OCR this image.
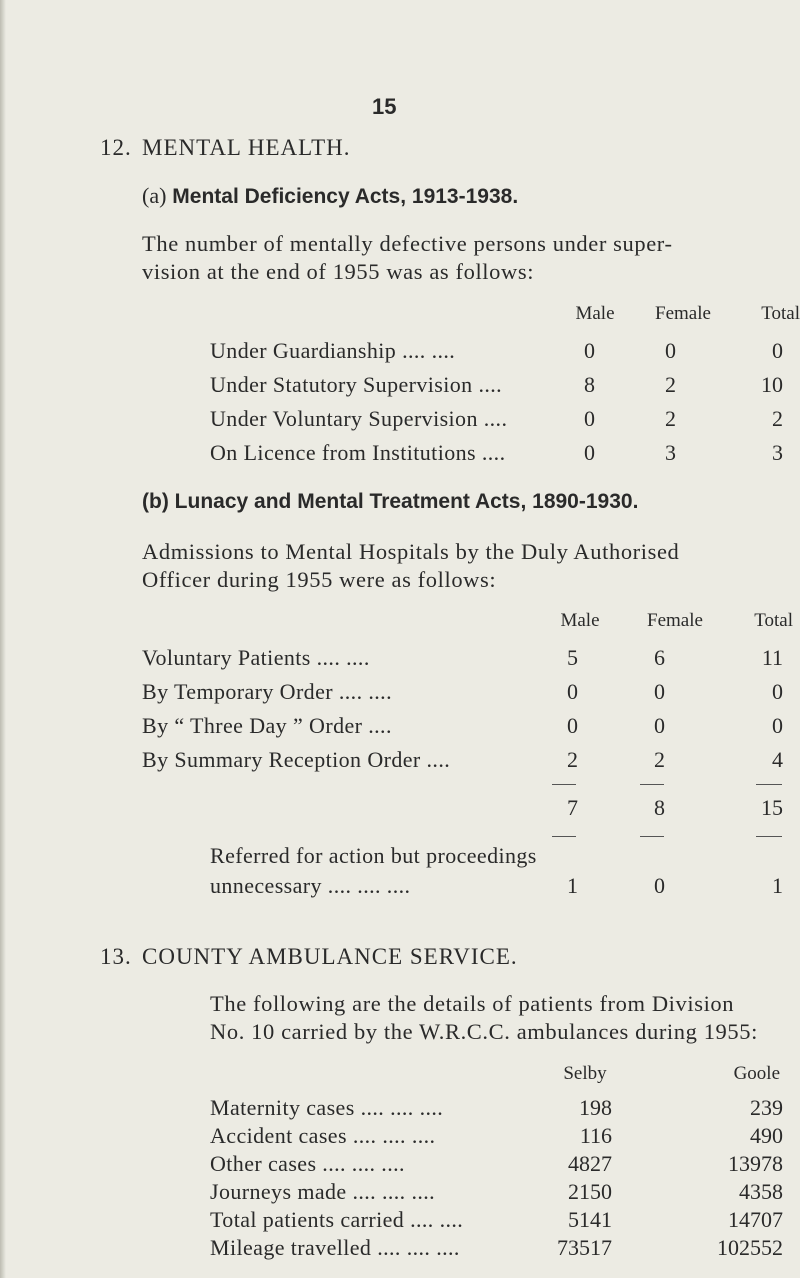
15
12. MENTAL HEALTH.
(a) Mental Deficiency Acts, 1913-1938.
The number of mentally defective persons under super-
vision at the end of 1955 was as follows:
Male	Female	Total
Under Guardianship .... ....	0	0	0
Under Statutory Supervision ....	8	2	10
Under Voluntary Supervision ....	0	2	2
On Licence from Institutions ....	0	3	3
(b) Lunacy and Mental Treatment Acts, 1890-1930.
Admissions to Mental Hospitals by the Duly Authorised
Officer during 1955 were as follows:
Male	Female	Total
Voluntary Patients .... ....	5	6	11
By Temporary Order .... ....	0	0	0
By “ Three Day ” Order ....	0	0	0
By Summary Reception Order ....	2	2	4
7	8	15
Referred for action but proceedings
unnecessary .... .... ....	1	0	1
13. COUNTY AMBULANCE SERVICE.
The following are the details of patients from Division
No. 10 carried by the W.R.C.C. ambulances during 1955:
Selby	Goole
Maternity cases .... .... ....	198	239
Accident cases .... .... ....	116	490
Other cases .... .... ....	4827	13978
Journeys made .... .... ....	2150	4358
Total patients carried .... ....	5141	14707
Mileage travelled .... .... ....	73517	102552
